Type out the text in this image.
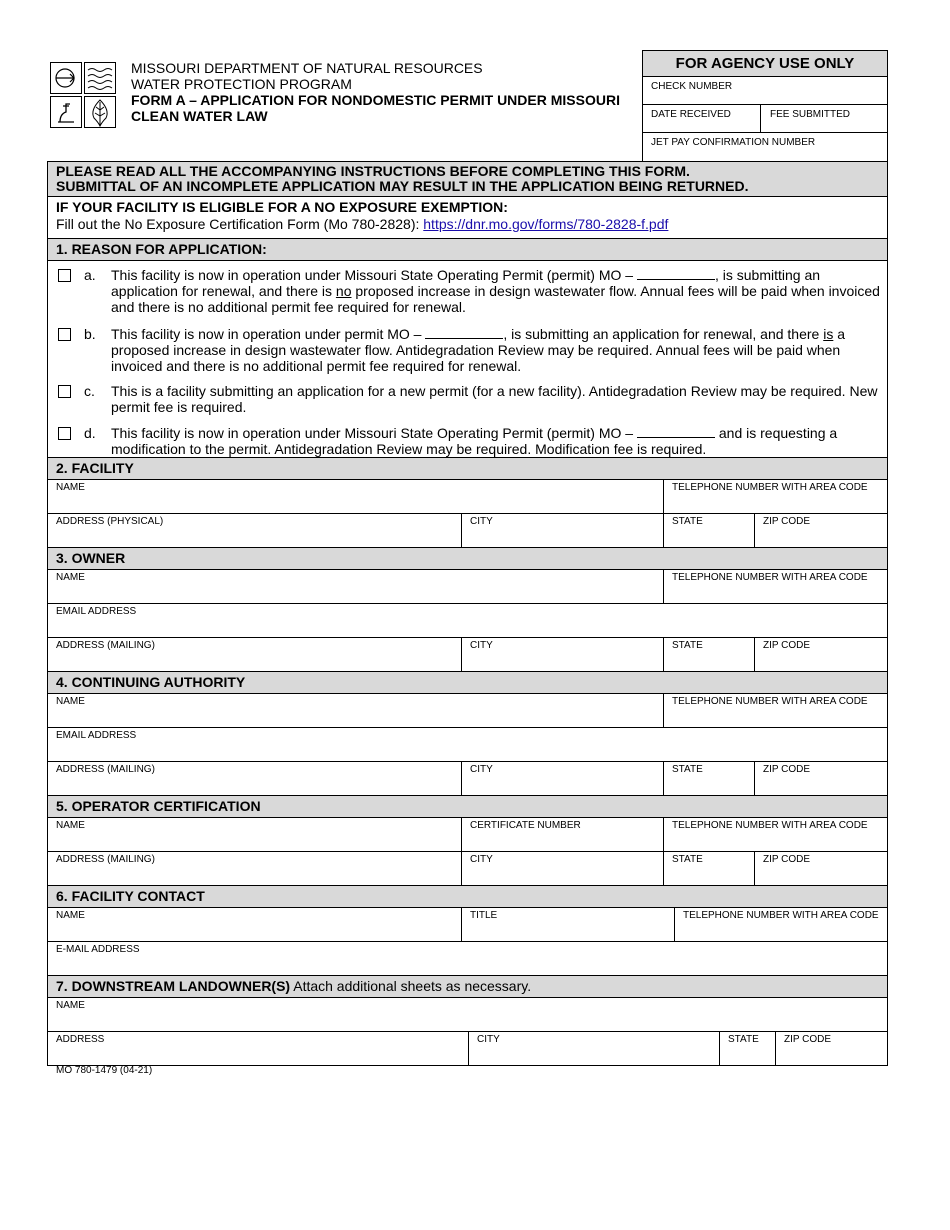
MISSOURI DEPARTMENT OF NATURAL RESOURCES
WATER PROTECTION PROGRAM
FORM A – APPLICATION FOR NONDOMESTIC PERMIT UNDER MISSOURI
CLEAN WATER LAW
FOR AGENCY USE ONLY
CHECK NUMBER
DATE RECEIVED	FEE SUBMITTED
JET PAY CONFIRMATION NUMBER
PLEASE READ ALL THE ACCOMPANYING INSTRUCTIONS BEFORE COMPLETING THIS FORM.
SUBMITTAL OF AN INCOMPLETE APPLICATION MAY RESULT IN THE APPLICATION BEING RETURNED.
IF YOUR FACILITY IS ELIGIBLE FOR A NO EXPOSURE EXEMPTION:
Fill out the No Exposure Certification Form (Mo 780-2828): https://dnr.mo.gov/forms/780-2828-f.pdf
1. REASON FOR APPLICATION:
a. This facility is now in operation under Missouri State Operating Permit (permit) MO –	, is submitting an application for renewal, and there is no proposed increase in design wastewater flow. Annual fees will be paid when invoiced and there is no additional permit fee required for renewal.
b. This facility is now in operation under permit MO –	, is submitting an application for renewal, and there is a proposed increase in design wastewater flow. Antidegradation Review may be required. Annual fees will be paid when invoiced and there is no additional permit fee required for renewal.
c. This is a facility submitting an application for a new permit (for a new facility). Antidegradation Review may be required. New permit fee is required.
d. This facility is now in operation under Missouri State Operating Permit (permit) MO –	and is requesting a modification to the permit. Antidegradation Review may be required. Modification fee is required.
2. FACILITY
NAME	TELEPHONE NUMBER WITH AREA CODE
ADDRESS (PHYSICAL)	CITY	STATE	ZIP CODE
3. OWNER
NAME	TELEPHONE NUMBER WITH AREA CODE
EMAIL ADDRESS
ADDRESS (MAILING)	CITY	STATE	ZIP CODE
4. CONTINUING AUTHORITY
NAME	TELEPHONE NUMBER WITH AREA CODE
EMAIL ADDRESS
ADDRESS (MAILING)	CITY	STATE	ZIP CODE
5. OPERATOR CERTIFICATION
NAME	CERTIFICATE NUMBER	TELEPHONE NUMBER WITH AREA CODE
ADDRESS (MAILING)	CITY	STATE	ZIP CODE
6. FACILITY CONTACT
NAME	TITLE	TELEPHONE NUMBER WITH AREA CODE
E-MAIL ADDRESS
7. DOWNSTREAM LANDOWNER(S) Attach additional sheets as necessary.
NAME
ADDRESS	CITY	STATE	ZIP CODE
MO 780-1479 (04-21)
